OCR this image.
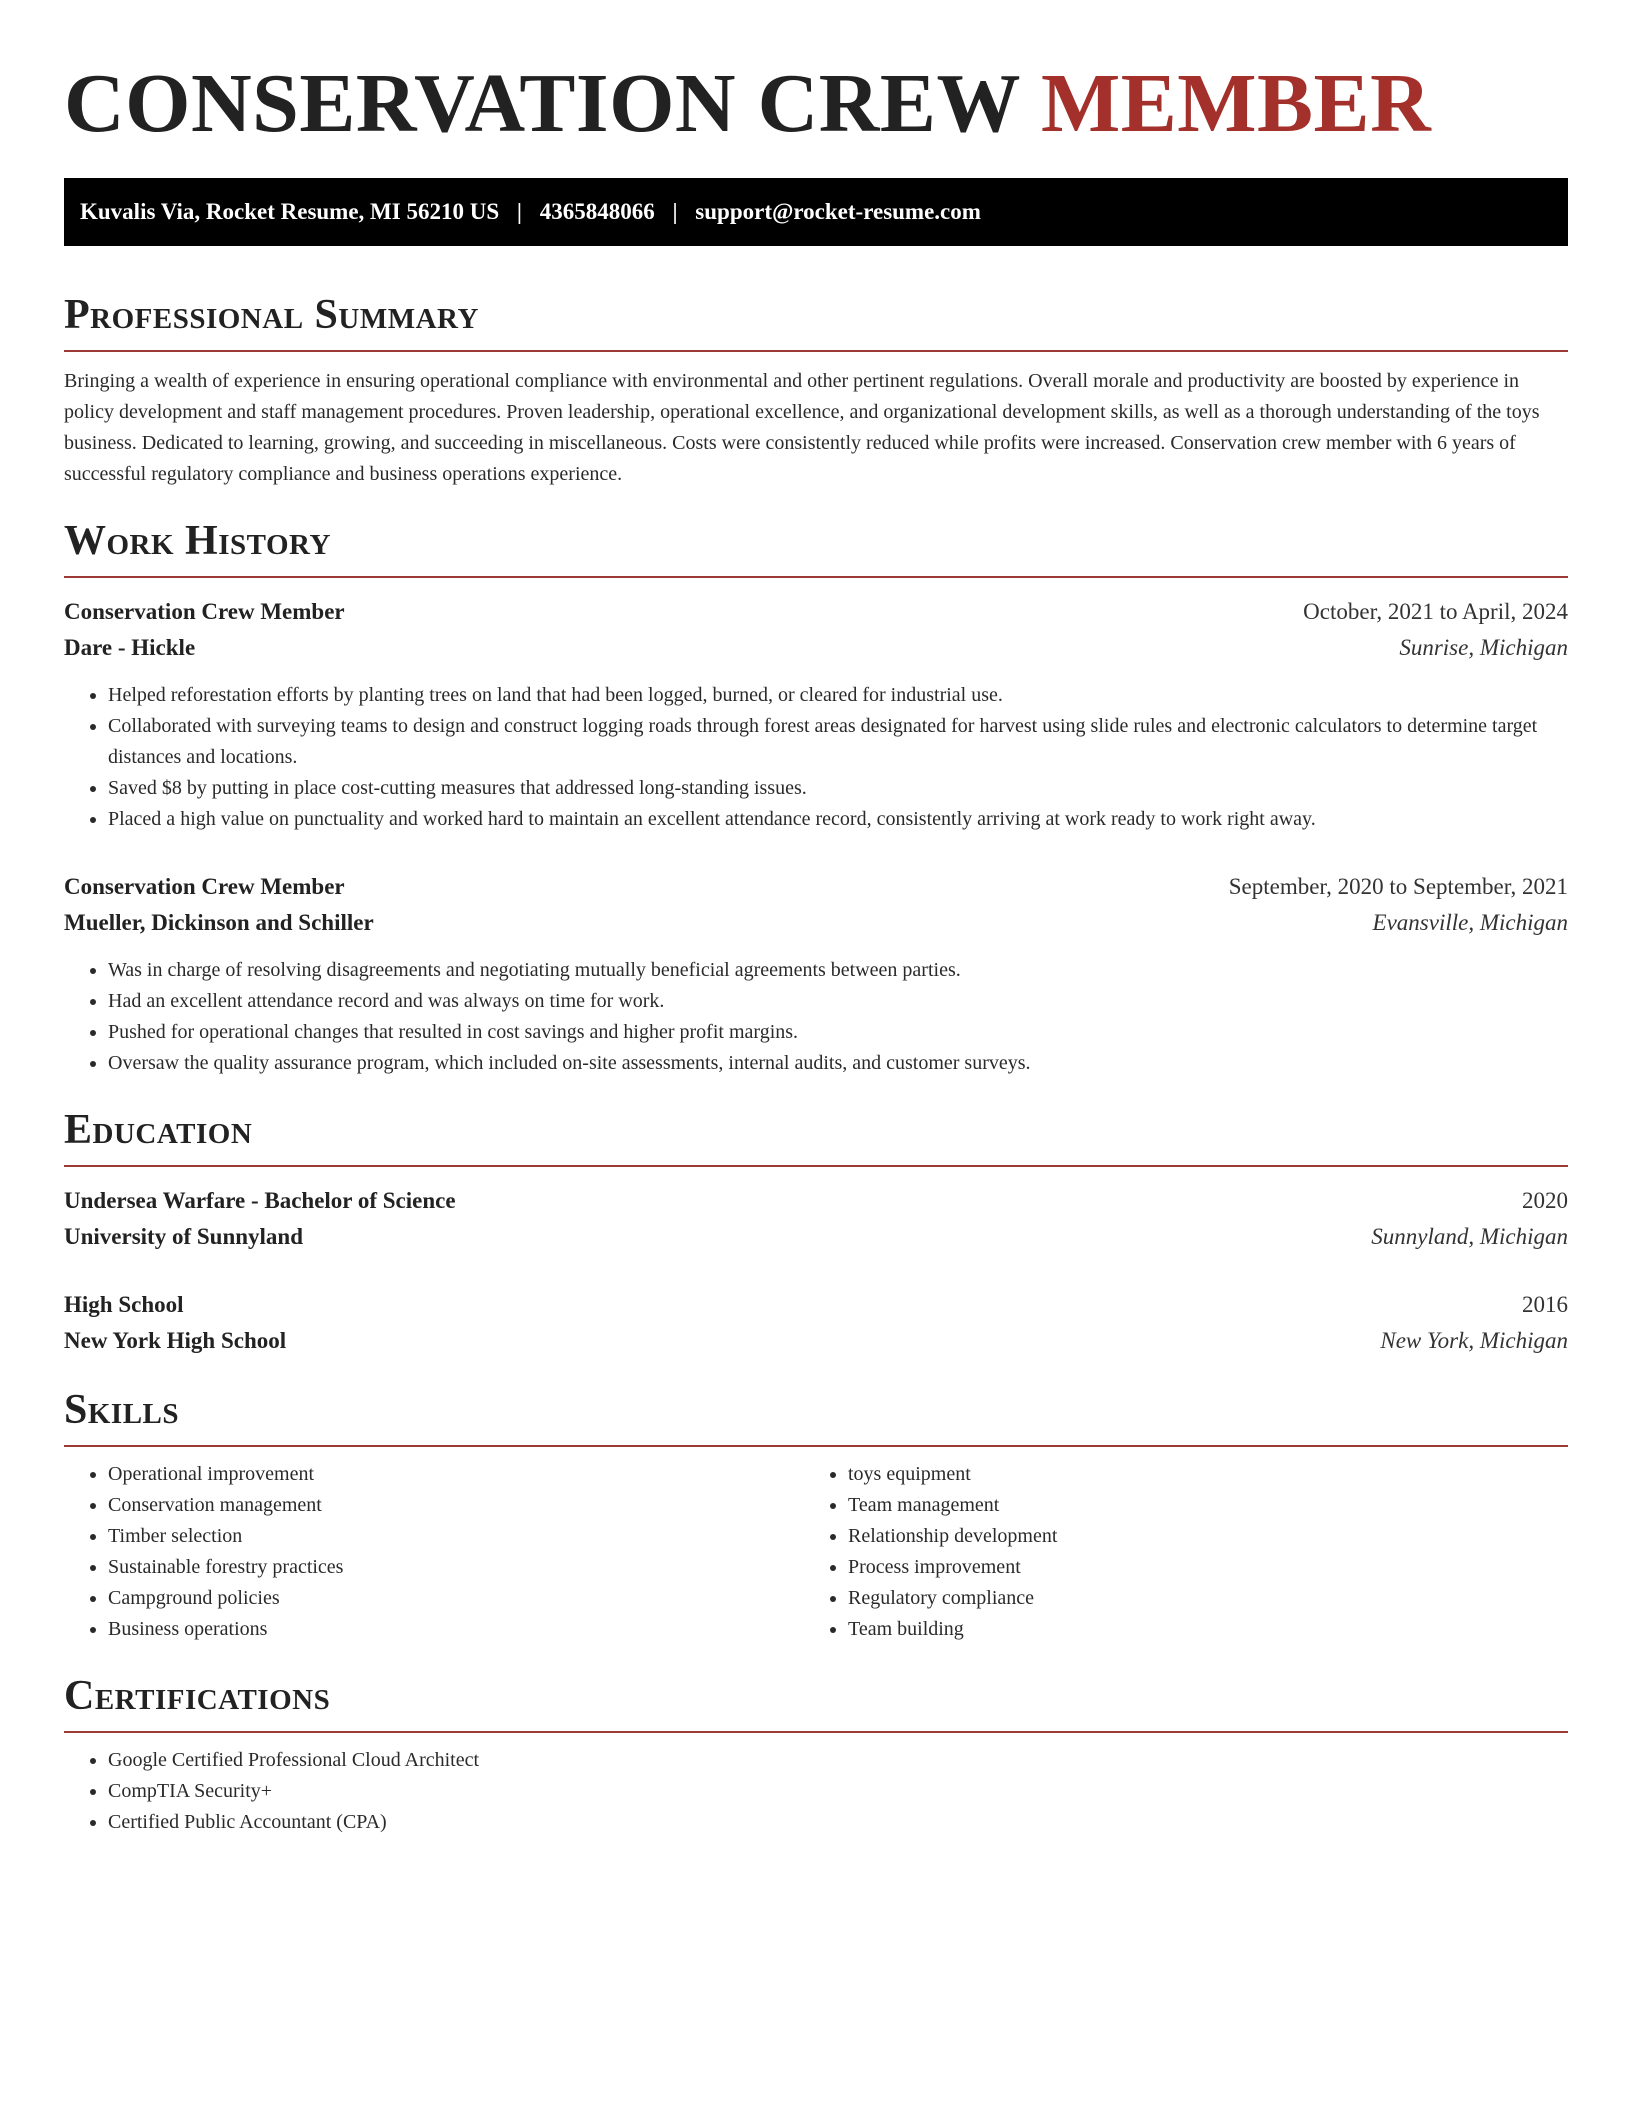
CONSERVATION CREW MEMBER
Kuvalis Via, Rocket Resume, MI 56210 US | 4365848066 | support@rocket-resume.com
Professional Summary

Bringing a wealth of experience in ensuring operational compliance with environmental and other pertinent regulations. Overall morale and productivity are boosted by experience in policy development and staff management procedures. Proven leadership, operational excellence, and organizational development skills, as well as a thorough understanding of the toys business. Dedicated to learning, growing, and succeeding in miscellaneous. Costs were consistently reduced while profits were increased. Conservation crew member with 6 years of successful regulatory compliance and business operations experience.

Work History
Conservation Crew Member	October, 2021 to April, 2024
Dare - Hickle	Sunrise, Michigan
• Helped reforestation efforts by planting trees on land that had been logged, burned, or cleared for industrial use.
• Collaborated with surveying teams to design and construct logging roads through forest areas designated for harvest using slide rules and electronic calculators to determine target distances and locations.
• Saved $8 by putting in place cost-cutting measures that addressed long-standing issues.
• Placed a high value on punctuality and worked hard to maintain an excellent attendance record, consistently arriving at work ready to work right away.
Conservation Crew Member	September, 2020 to September, 2021
Mueller, Dickinson and Schiller	Evansville, Michigan
• Was in charge of resolving disagreements and negotiating mutually beneficial agreements between parties.
• Had an excellent attendance record and was always on time for work.
• Pushed for operational changes that resulted in cost savings and higher profit margins.
• Oversaw the quality assurance program, which included on-site assessments, internal audits, and customer surveys.
Education
Undersea Warfare - Bachelor of Science	2020
University of Sunnyland	Sunnyland, Michigan
High School	2016
New York High School	New York, Michigan
Skills
• Operational improvement
• Conservation management
• Timber selection
• Sustainable forestry practices
• Campground policies
• Business operations
• toys equipment
• Team management
• Relationship development
• Process improvement
• Regulatory compliance
• Team building
Certifications
• Google Certified Professional Cloud Architect
• CompTIA Security+
• Certified Public Accountant (CPA)
